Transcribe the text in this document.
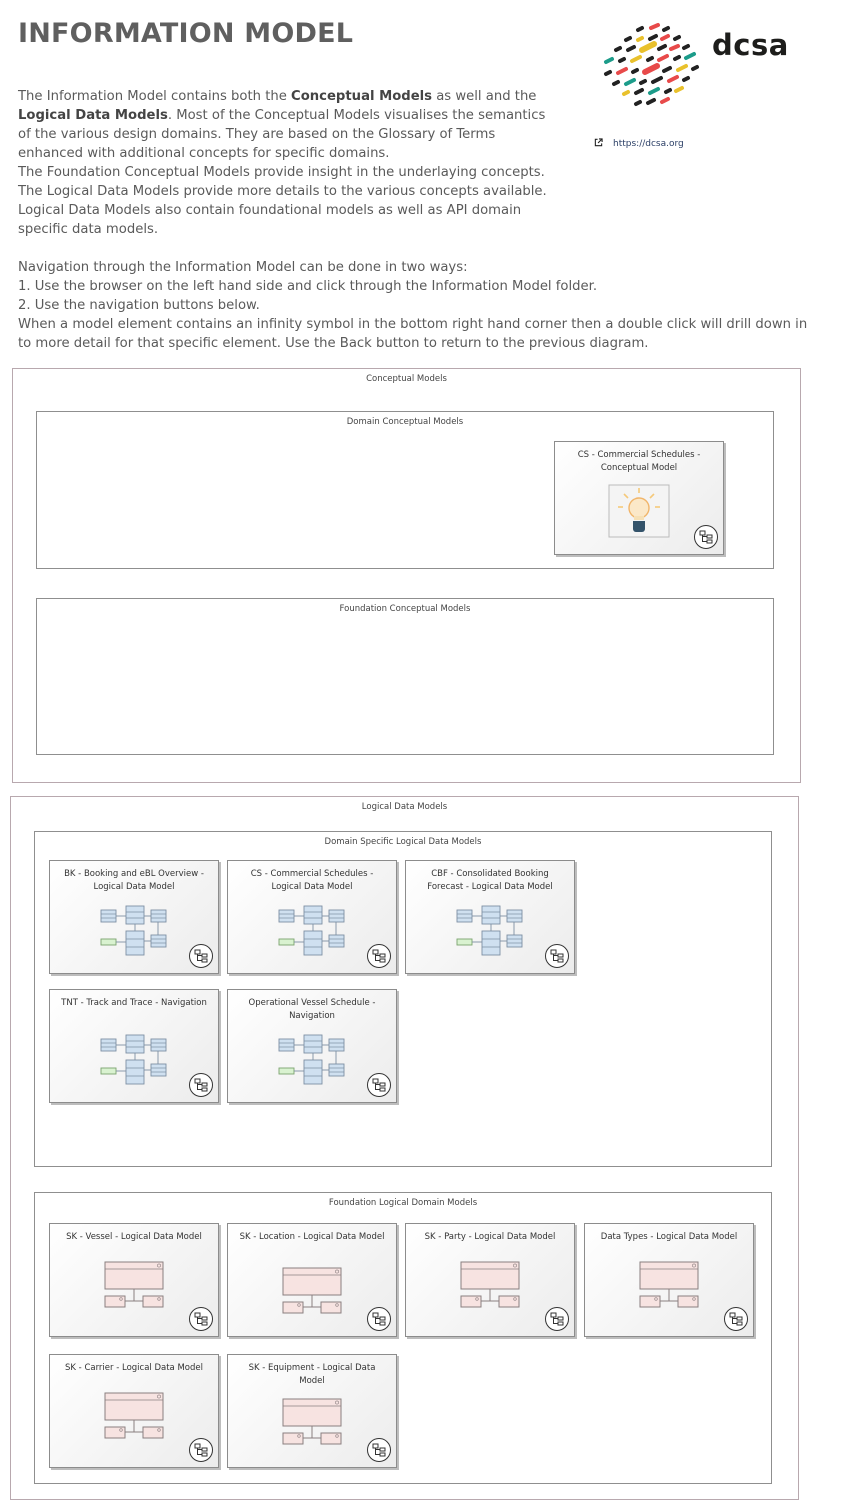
INFORMATION MODEL	dcsa
https://dcsa.org

The Information Model contains both the Conceptual Models as well and the Logical Data Models. Most of the Conceptual Models visualises the semantics of the various design domains. They are based on the Glossary of Terms enhanced with additional concepts for specific domains.

The Foundation Conceptual Models provide insight in the underlaying concepts.

The Logical Data Models provide more details to the various concepts available.

Logical Data Models also contain foundational models as well as API domain specific data models.

Navigation through the Information Model can be done in two ways:

1. Use the browser on the left hand side and click through the Information Model folder.

2. Use the navigation buttons below.

When a model element contains an infinity symbol in the bottom right hand corner then a double click will drill down in to more detail for that specific element. Use the Back button to return to the previous diagram.

Conceptual Models
Domain Conceptual Models
CS - Commercial Schedules - Conceptual Model
Foundation Conceptual Models
Logical Data Models
Domain Specific Logical Data Models
BK - Booking and eBL Overview - Logical Data Model
CS - Commercial Schedules - Logical Data Model
CBF - Consolidated Booking Forecast - Logical Data Model
TNT - Track and Trace - Navigation	Operational Vessel Schedule - Navigation
Foundation Logical Domain Models
SK - Vessel - Logical Data Model	SK - Location - Logical Data Model	SK - Party - Logical Data Model	Data Types - Logical Data Model
SK - Carrier - Logical Data Model	SK - Equipment - Logical Data Model
